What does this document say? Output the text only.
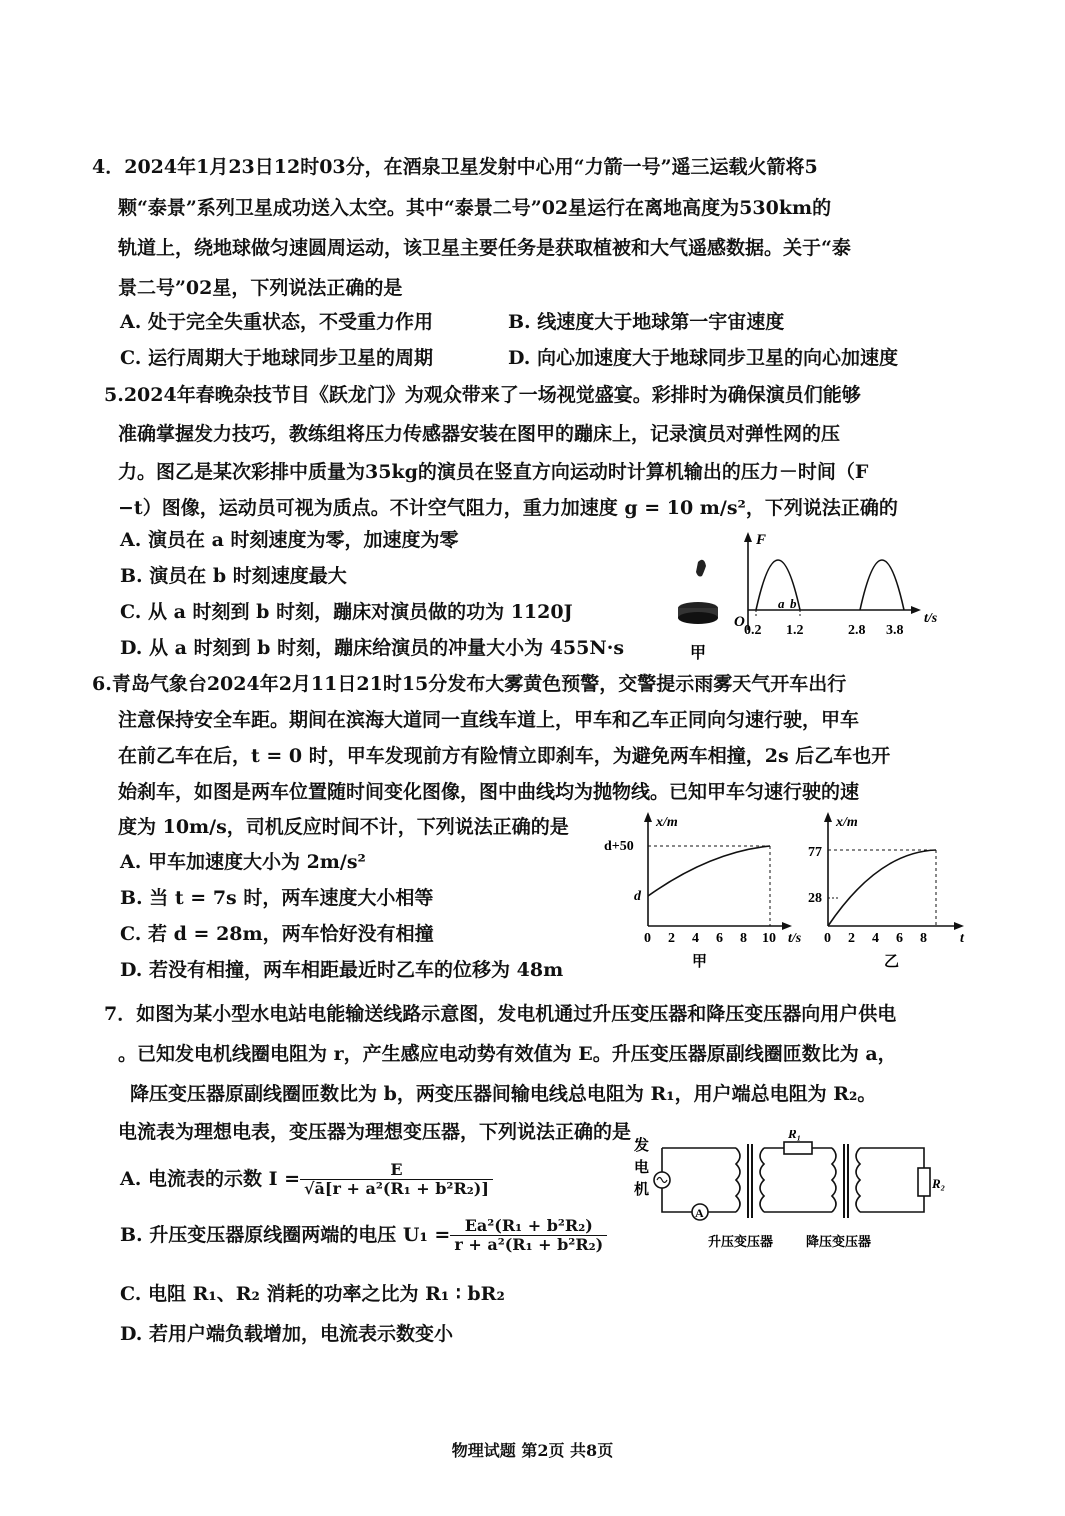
4．2024年1月23日12时03分，在酒泉卫星发射中心用“力箭一号”遥三运载火箭将5
颗“泰景”系列卫星成功送入太空。其中“泰景二号”02星运行在离地高度为530km的
轨道上，绕地球做匀速圆周运动，该卫星主要任务是获取植被和大气遥感数据。关于“泰
景二号”02星，下列说法正确的是
A. 处于完全失重状态，不受重力作用	B. 线速度大于地球第一宇宙速度
C. 运行周期大于地球同步卫星的周期	D. 向心加速度大于地球同步卫星的向心加速度
5.2024年春晚杂技节目《跃龙门》为观众带来了一场视觉盛宴。彩排时为确保演员们能够
准确掌握发力技巧，教练组将压力传感器安装在图甲的蹦床上，记录演员对弹性网的压
力。图乙是某次彩排中质量为35kg的演员在竖直方向运动时计算机输出的压力－时间（F
−t）图像，运动员可视为质点。不计空气阻力，重力加速度 g = 10 m/s²，下列说法正确的
A. 演员在 a 时刻速度为零，加速度为零
B. 演员在 b 时刻速度最大
C. 从 a 时刻到 b 时刻，蹦床对演员做的功为 1120J
D. 从 a 时刻到 b 时刻，蹦床给演员的冲量大小为 455N·s	甲
F
t/s
O
a b
0.2 1.2	2.8 3.8
6.青岛气象台2024年2月11日21时15分发布大雾黄色预警，交警提示雨雾天气开车出行
注意保持安全车距。期间在滨海大道同一直线车道上，甲车和乙车正同向匀速行驶，甲车
在前乙车在后，t = 0 时，甲车发现前方有险情立即刹车，为避免两车相撞，2s 后乙车也开
始刹车，如图是两车位置随时间变化图像，图中曲线均为抛物线。已知甲车匀速行驶的速
度为 10m/s，司机反应时间不计，下列说法正确的是
A. 甲车加速度大小为 2m/s²
B. 当 t = 7s 时，两车速度大小相等
C. 若 d = 28m，两车恰好没有相撞
D. 若没有相撞，两车相距最近时乙车的位移为 48m
x/m
t/s
d+50
d
0 2 4 6 8 10
甲
x/m
t
77
28
0 2 4 6 8
乙
7．如图为某小型水电站电能输送线路示意图，发电机通过升压变压器和降压变压器向用户供电
。已知发电机线圈电阻为 r，产生感应电动势有效值为 E。升压变压器原副线圈匝数比为 a，
降压变压器原副线圈匝数比为 b，两变压器间输电线总电阻为 R₁，用户端总电阻为 R₂。
电流表为理想电表，变压器为理想变压器，下列说法正确的是
A. 电流表的示数 $I = \frac{E}{\text{√ā[r + a²(R₁ + b²R₂)]}}$
B. 升压变压器原线圈两端的电压 $U_1 = \frac{\text{Ea²(R₁ + b²R₂)}}{\text{r + a²(R₁ + b²R₂)}}$
C. 电阻 R₁、R₂ 消耗的功率之比为 R₁ ∶ bR₂
D. 若用户端负载增加，电流表示数变小
发
电
机
A
R₁
R₂
升压变压器	降压变压器
物理试题 第2页 共8页
